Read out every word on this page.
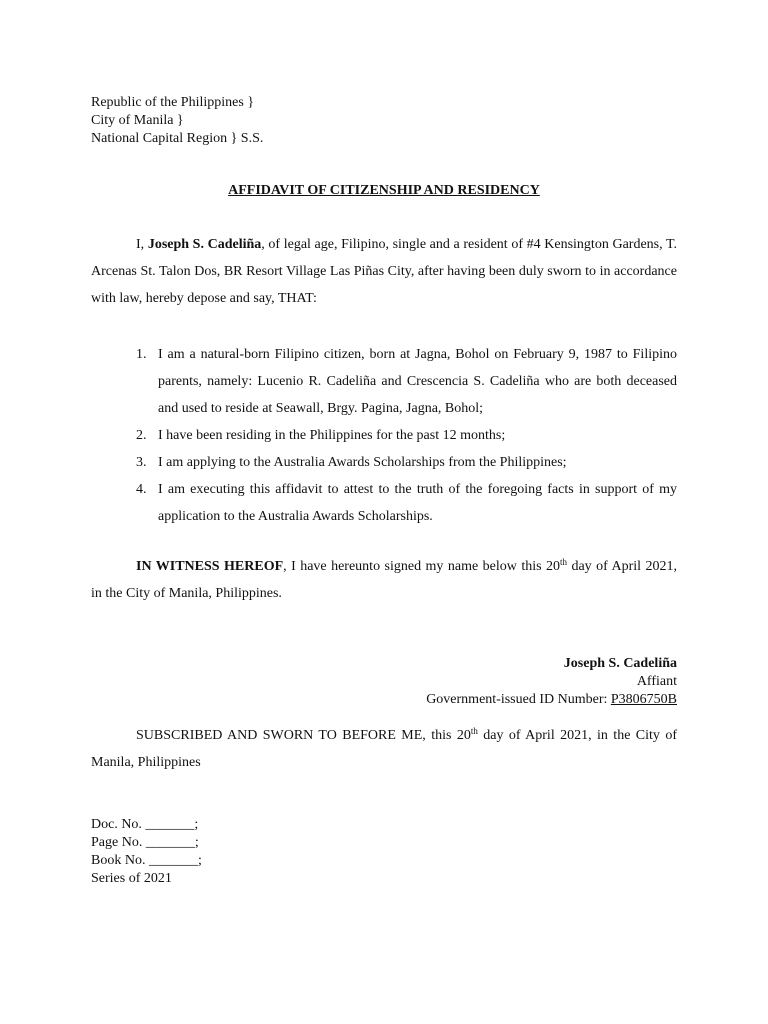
Republic of the Philippines }
City of Manila }
National Capital Region } S.S.
AFFIDAVIT OF CITIZENSHIP AND RESIDENCY

I, Joseph S. Cadeliña, of legal age, Filipino, single and a resident of #4 Kensington Gardens, T. Arcenas St. Talon Dos, BR Resort Village Las Piñas City, after having been duly sworn to in accordance with law, hereby depose and say, THAT:

1. I am a natural-born Filipino citizen, born at Jagna, Bohol on February 9, 1987 to Filipino parents, namely: Lucenio R. Cadeliña and Crescencia S. Cadeliña who are both deceased and used to reside at Seawall, Brgy. Pagina, Jagna, Bohol;
2. I have been residing in the Philippines for the past 12 months;
3. I am applying to the Australia Awards Scholarships from the Philippines;
4. I am executing this affidavit to attest to the truth of the foregoing facts in support of my application to the Australia Awards Scholarships.

IN WITNESS HEREOF, I have hereunto signed my name below this 20th day of April 2021, in the City of Manila, Philippines.

Joseph S. Cadeliña
Affiant
Government-issued ID Number: P3806750B

SUBSCRIBED AND SWORN TO BEFORE ME, this 20th day of April 2021, in the City of Manila, Philippines

Doc. No. _______;
Page No. _______;
Book No. _______;
Series of 2021
